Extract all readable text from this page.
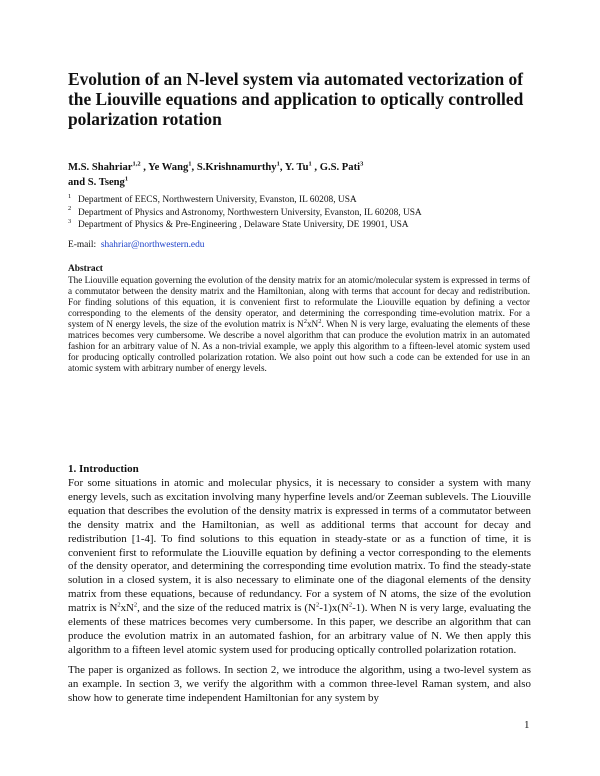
Evolution of an N-level system via automated vectorization of the Liouville equations and application to optically controlled polarization rotation
M.S. Shahriar$^{1,2}$ , Ye Wang$^1$, S.Krishnamurthy$^1$, Y. Tu$^1$ , G.S. Pati$^3$
and S. Tseng$^1$

$^1$ Department of EECS, Northwestern University, Evanston, IL 60208, USA

$^2$ Department of Physics and Astronomy, Northwestern University, Evanston, IL 60208, USA

$^3$ Department of Physics & Pre-Engineering , Delaware State University, DE 19901, USA

E-mail: shahriar@northwestern.edu
Abstract

The Liouville equation governing the evolution of the density matrix for an atomic/molecular system is expressed in terms of a commutator between the density matrix and the Hamiltonian, along with terms that account for decay and redistribution. For finding solutions of this equation, it is convenient first to reformulate the Liouville equation by defining a vector corresponding to the elements of the density operator, and determining the corresponding time-evolution matrix. For a system of N energy levels, the size of the evolution matrix is $N^2xN^2$. When N is very large, evaluating the elements of these matrices becomes very cumbersome. We describe a novel algorithm that can produce the evolution matrix in an automated fashion for an arbitrary value of N. As a non-trivial example, we apply this algorithm to a fifteen-level atomic system used for producing optically controlled polarization rotation. We also point out how such a code can be extended for use in an atomic system with arbitrary number of energy levels.

1. Introduction

For some situations in atomic and molecular physics, it is necessary to consider a system with many energy levels, such as excitation involving many hyperfine levels and/or Zeeman sublevels. The Liouville equation that describes the evolution of the density matrix is expressed in terms of a commutator between the density matrix and the Hamiltonian, as well as additional terms that account for decay and redistribution [1-4]. To find solutions to this equation in steady-state or as a function of time, it is convenient first to reformulate the Liouville equation by defining a vector corresponding to the elements of the density operator, and determining the corresponding time evolution matrix. To find the steady-state solution in a closed system, it is also necessary to eliminate one of the diagonal elements of the density matrix from these equations, because of redundancy. For a system of N atoms, the size of the evolution matrix is $N^2xN^2$, and the size of the reduced matrix is $(N^2-1)x(N^2-1)$. When N is very large, evaluating the elements of these matrices becomes very cumbersome. In this paper, we describe an algorithm that can produce the evolution matrix in an automated fashion, for an arbitrary value of N. We then apply this algorithm to a fifteen level atomic system used for producing optically controlled polarization rotation.

The paper is organized as follows. In section 2, we introduce the algorithm, using a two-level system as an example. In section 3, we verify the algorithm with a common three-level Raman system, and also show how to generate time independent Hamiltonian for any system by

1
